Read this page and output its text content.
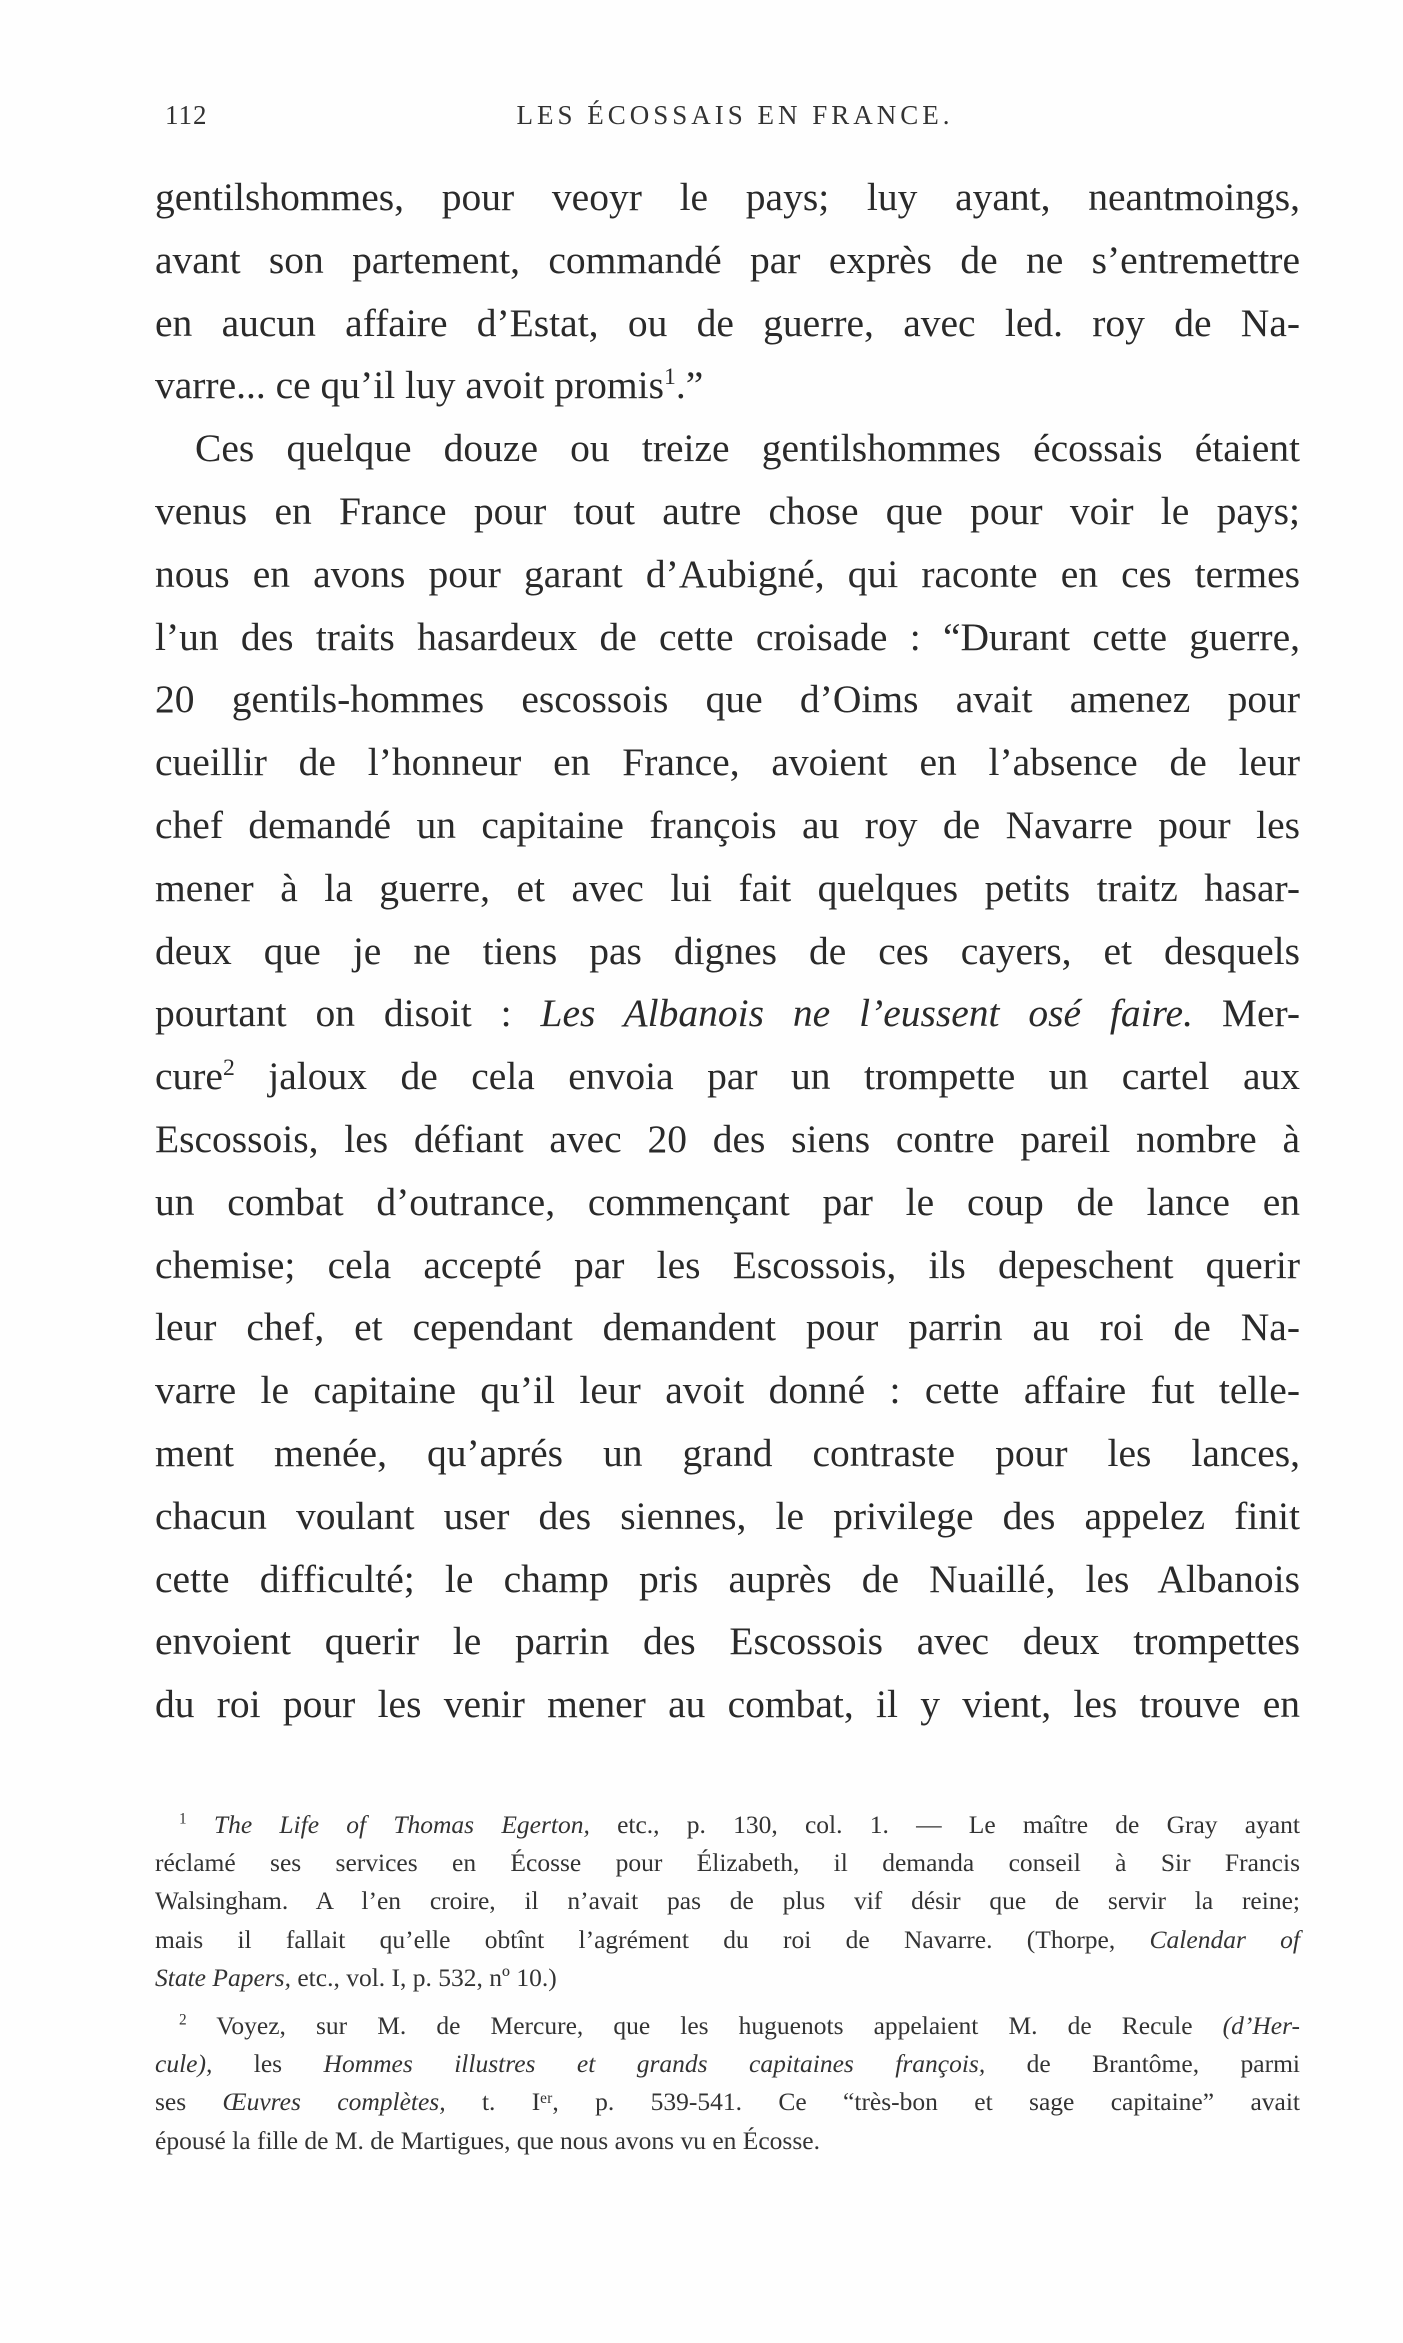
112	LES ÉCOSSAIS EN FRANCE.
gentilshommes, pour veoyr le pays; luy ayant, neantmoings,
avant son partement, commandé par exprès de ne s’entremettre
en aucun affaire d’Estat, ou de guerre, avec led. roy de Na-
varre... ce qu’il luy avoit promis$^1$.”
Ces quelque douze ou treize gentilshommes écossais étaient
venus en France pour tout autre chose que pour voir le pays;
nous en avons pour garant d’Aubigné, qui raconte en ces termes
l’un des traits hasardeux de cette croisade : “Durant cette guerre,
20 gentils-hommes escossois que d’Oims avait amenez pour
cueillir de l’honneur en France, avoient en l’absence de leur
chef demandé un capitaine françois au roy de Navarre pour les
mener à la guerre, et avec lui fait quelques petits traitz hasar-
deux que je ne tiens pas dignes de ces cayers, et desquels
pourtant on disoit : Les Albanois ne l’eussent osé faire. Mer-
cure$^2$ jaloux de cela envoia par un trompette un cartel aux
Escossois, les défiant avec 20 des siens contre pareil nombre à
un combat d’outrance, commençant par le coup de lance en
chemise; cela accepté par les Escossois, ils depeschent querir
leur chef, et cependant demandent pour parrin au roi de Na-
varre le capitaine qu’il leur avoit donné : cette affaire fut telle-
ment menée, qu’aprés un grand contraste pour les lances,
chacun voulant user des siennes, le privilege des appelez finit
cette difficulté; le champ pris auprès de Nuaillé, les Albanois
envoient querir le parrin des Escossois avec deux trompettes
du roi pour les venir mener au combat, il y vient, les trouve en
$^1$ The Life of Thomas Egerton, etc., p. 130, col. 1. — Le maître de Gray ayant
réclamé ses services en Écosse pour Élizabeth, il demanda conseil à Sir Francis
Walsingham. A l’en croire, il n’avait pas de plus vif désir que de servir la reine;
mais il fallait qu’elle obtînt l’agrément du roi de Navarre. (Thorpe, Calendar of
State Papers, etc., vol. I, p. 532, nº 10.)
$^2$ Voyez, sur M. de Mercure, que les huguenots appelaient M. de Recule (d’Her-
cule), les Hommes illustres et grands capitaines françois, de Brantôme, parmi
ses Œuvres complètes, t. Iᵉʳ, p. 539-541. Ce “très-bon et sage capitaine” avait
épousé la fille de M. de Martigues, que nous avons vu en Écosse.
